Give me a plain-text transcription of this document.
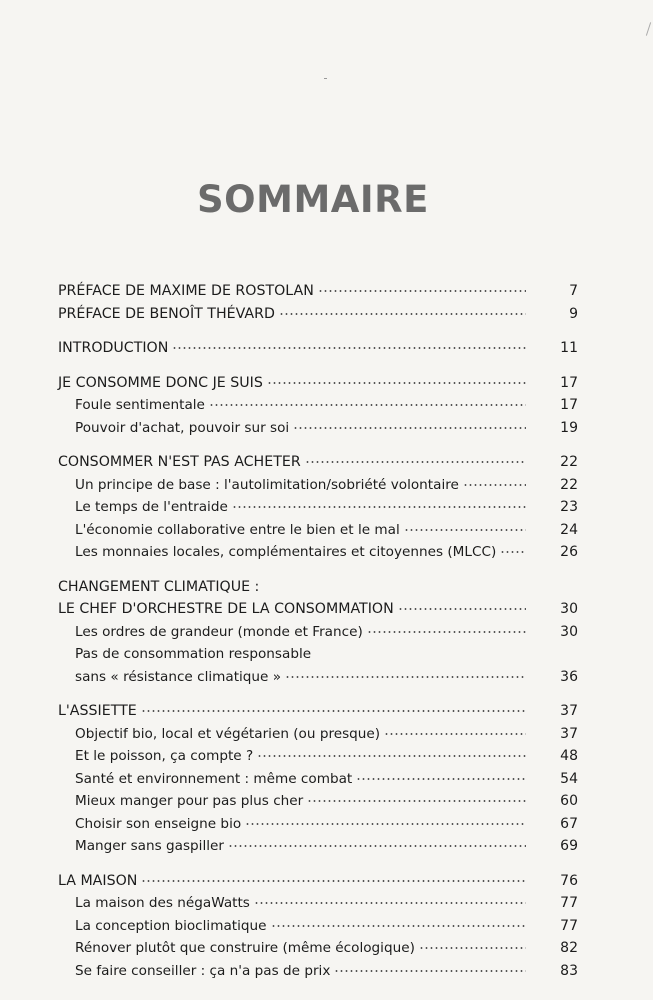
SOMMAIRE
PRÉFACE DE MAXIME DE ROSTOLAN	7
PRÉFACE DE BENOÎT THÉVARD	9
INTRODUCTION	11
JE CONSOMME DONC JE SUIS	17
Foule sentimentale	17
Pouvoir d'achat, pouvoir sur soi	19
CONSOMMER N'EST PAS ACHETER	22
Un principe de base : l'autolimitation/sobriété volontaire	22
Le temps de l'entraide	23
L'économie collaborative entre le bien et le mal	24
Les monnaies locales, complémentaires et citoyennes (MLCC)	26
CHANGEMENT CLIMATIQUE :
LE CHEF D'ORCHESTRE DE LA CONSOMMATION	30
Les ordres de grandeur (monde et France)	30
Pas de consommation responsable
sans « résistance climatique »	36
L'ASSIETTE	37
Objectif bio, local et végétarien (ou presque)	37
Et le poisson, ça compte ?	48
Santé et environnement : même combat	54
Mieux manger pour pas plus cher	60
Choisir son enseigne bio	67
Manger sans gaspiller	69
LA MAISON	76
La maison des négaWatts	77
La conception bioclimatique	77
Rénover plutôt que construire (même écologique)	82
Se faire conseiller : ça n'a pas de prix	83
